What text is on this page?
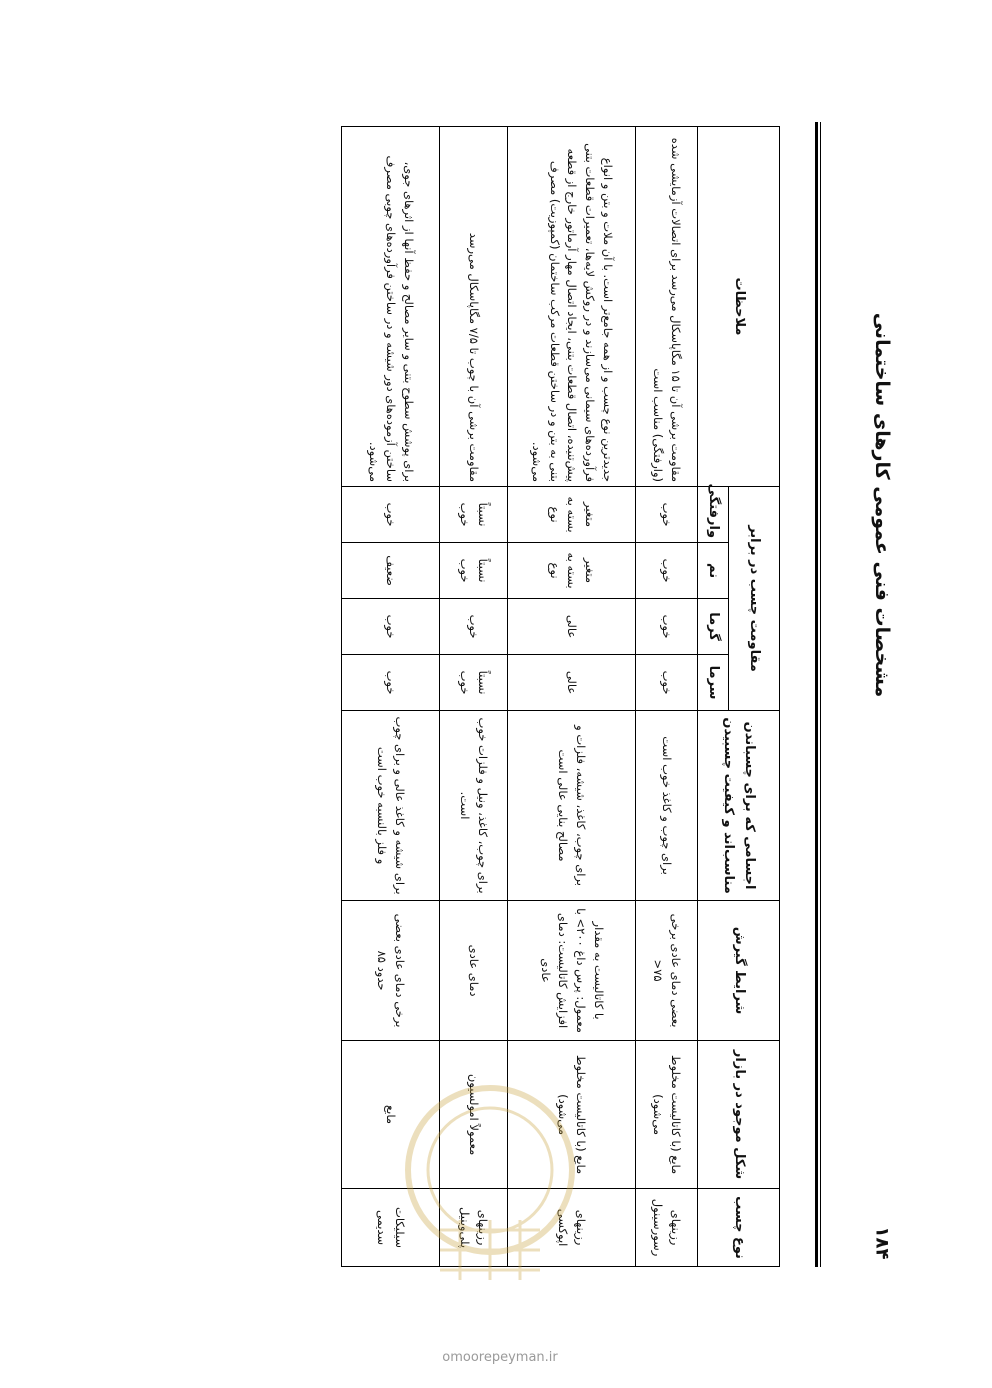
مشخصات فنی عمومی کارهای ساختمانی
۱۸۴
نوع چسب	شکل موجود در بازار	شرایط گیرش	اجسامی که برای چسباندن مناسب‌اند و کیفیت چسبیدن	مقاومت چسب در برابر				ملاحظات
				سرما	گرما	نم	وارفتگی	
رزینهای رسورسینول	مایع (با کاتالیست مخلوط می‌شود)	بعضی دمای عادی برخی ۷۵<	برای چوب و کاغذ خوب است	خوب	خوب	خوب	خوب	مقاومت برشی آن تا ۱۵ مگاپاسکال می‌رسد برای اتصالات آزمایشی شده (وارفتگی) مناسب است
رزینهای اپوکسی	مایع (با کاتالیست مخلوط می‌شود)	با کاتالیست به مقدار معمول: پرس داغ ۲۰۰> با افزایش کاتالیست: دمای عادی	برای چوب، کاغذ، شیشه، فلزات و مصالح بنایی عالی است	عالی	عالی	متغیر بسته به نوع	متغیر بسته به نوع	جدیدترین نوع چسب و از همه جامع‌تر است. با آن ملات و بتن و انواع فرآورده‌های سیمانی می‌سازند و در روکش لایه‌ها، تعمیرات قطعات بتنی پیش‌تنیده، اتصال قطعات بتنی، ایجاد اتصال مهار آرماتور خارج از قطعه بتنی به بتن و در ساختن قطعات مرکب ساختمان (کمپوزیت) مصرف می‌شود.
رزینهای پلی‌وینیل	معمولاً امولسیون	دمای عادی	برای چوب، کاغذ، ونیل و فلزات خوب است.	نسبتاً خوب	خوب	نسبتاً خوب	نسبتاً خوب	مقاومت برشی آن با چوب تا ۷/۵ مگاپاسکال می‌رسد
سیلیکات سدیمی	مایع	برخی دمای عادی بعضی حدود ۸۵	برای شیشه و کاغذ عالی و برای چوب و فلز بالنسبه خوب است	خوب	خوب	ضعیف	خوب	برای پوشش سطوح بتنی و سایر مصالح و حفظ آنها از اثرهای جوی، ساختن آزموده‌های دور شیشه و در ساختن فرآورده‌های چوبی مصرف می‌شود.
omoorepeyman.ir
